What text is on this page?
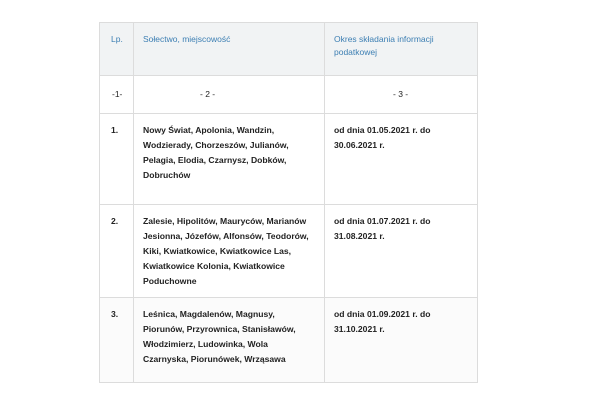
Lp.	Sołectwo, miejscowość	Okres składania informacji podatkowej
-1-	- 2 -	- 3 -
1.	Nowy Świat, Apolonia, Wandzin, Wodzierady, Chorzeszów, Julianów, Pelagia, Elodia, Czarnysz, Dobków, Dobruchów	od dnia 01.05.2021 r. do 30.06.2021 r.
2.	Zalesie, Hipolitów, Mauryców, Marianów Jesionna, Józefów, Alfonsów, Teodorów, Kiki, Kwiatkowice, Kwiatkowice Las, Kwiatkowice Kolonia, Kwiatkowice Poduchowne	od dnia 01.07.2021 r. do 31.08.2021 r.
3.	Leśnica, Magdalenów, Magnusy, Piorunów, Przyrownica, Stanisławów, Włodzimierz, Ludowinka, Wola Czarnyska, Piorunówek, Wrząsawa	od dnia 01.09.2021 r. do 31.10.2021 r.
